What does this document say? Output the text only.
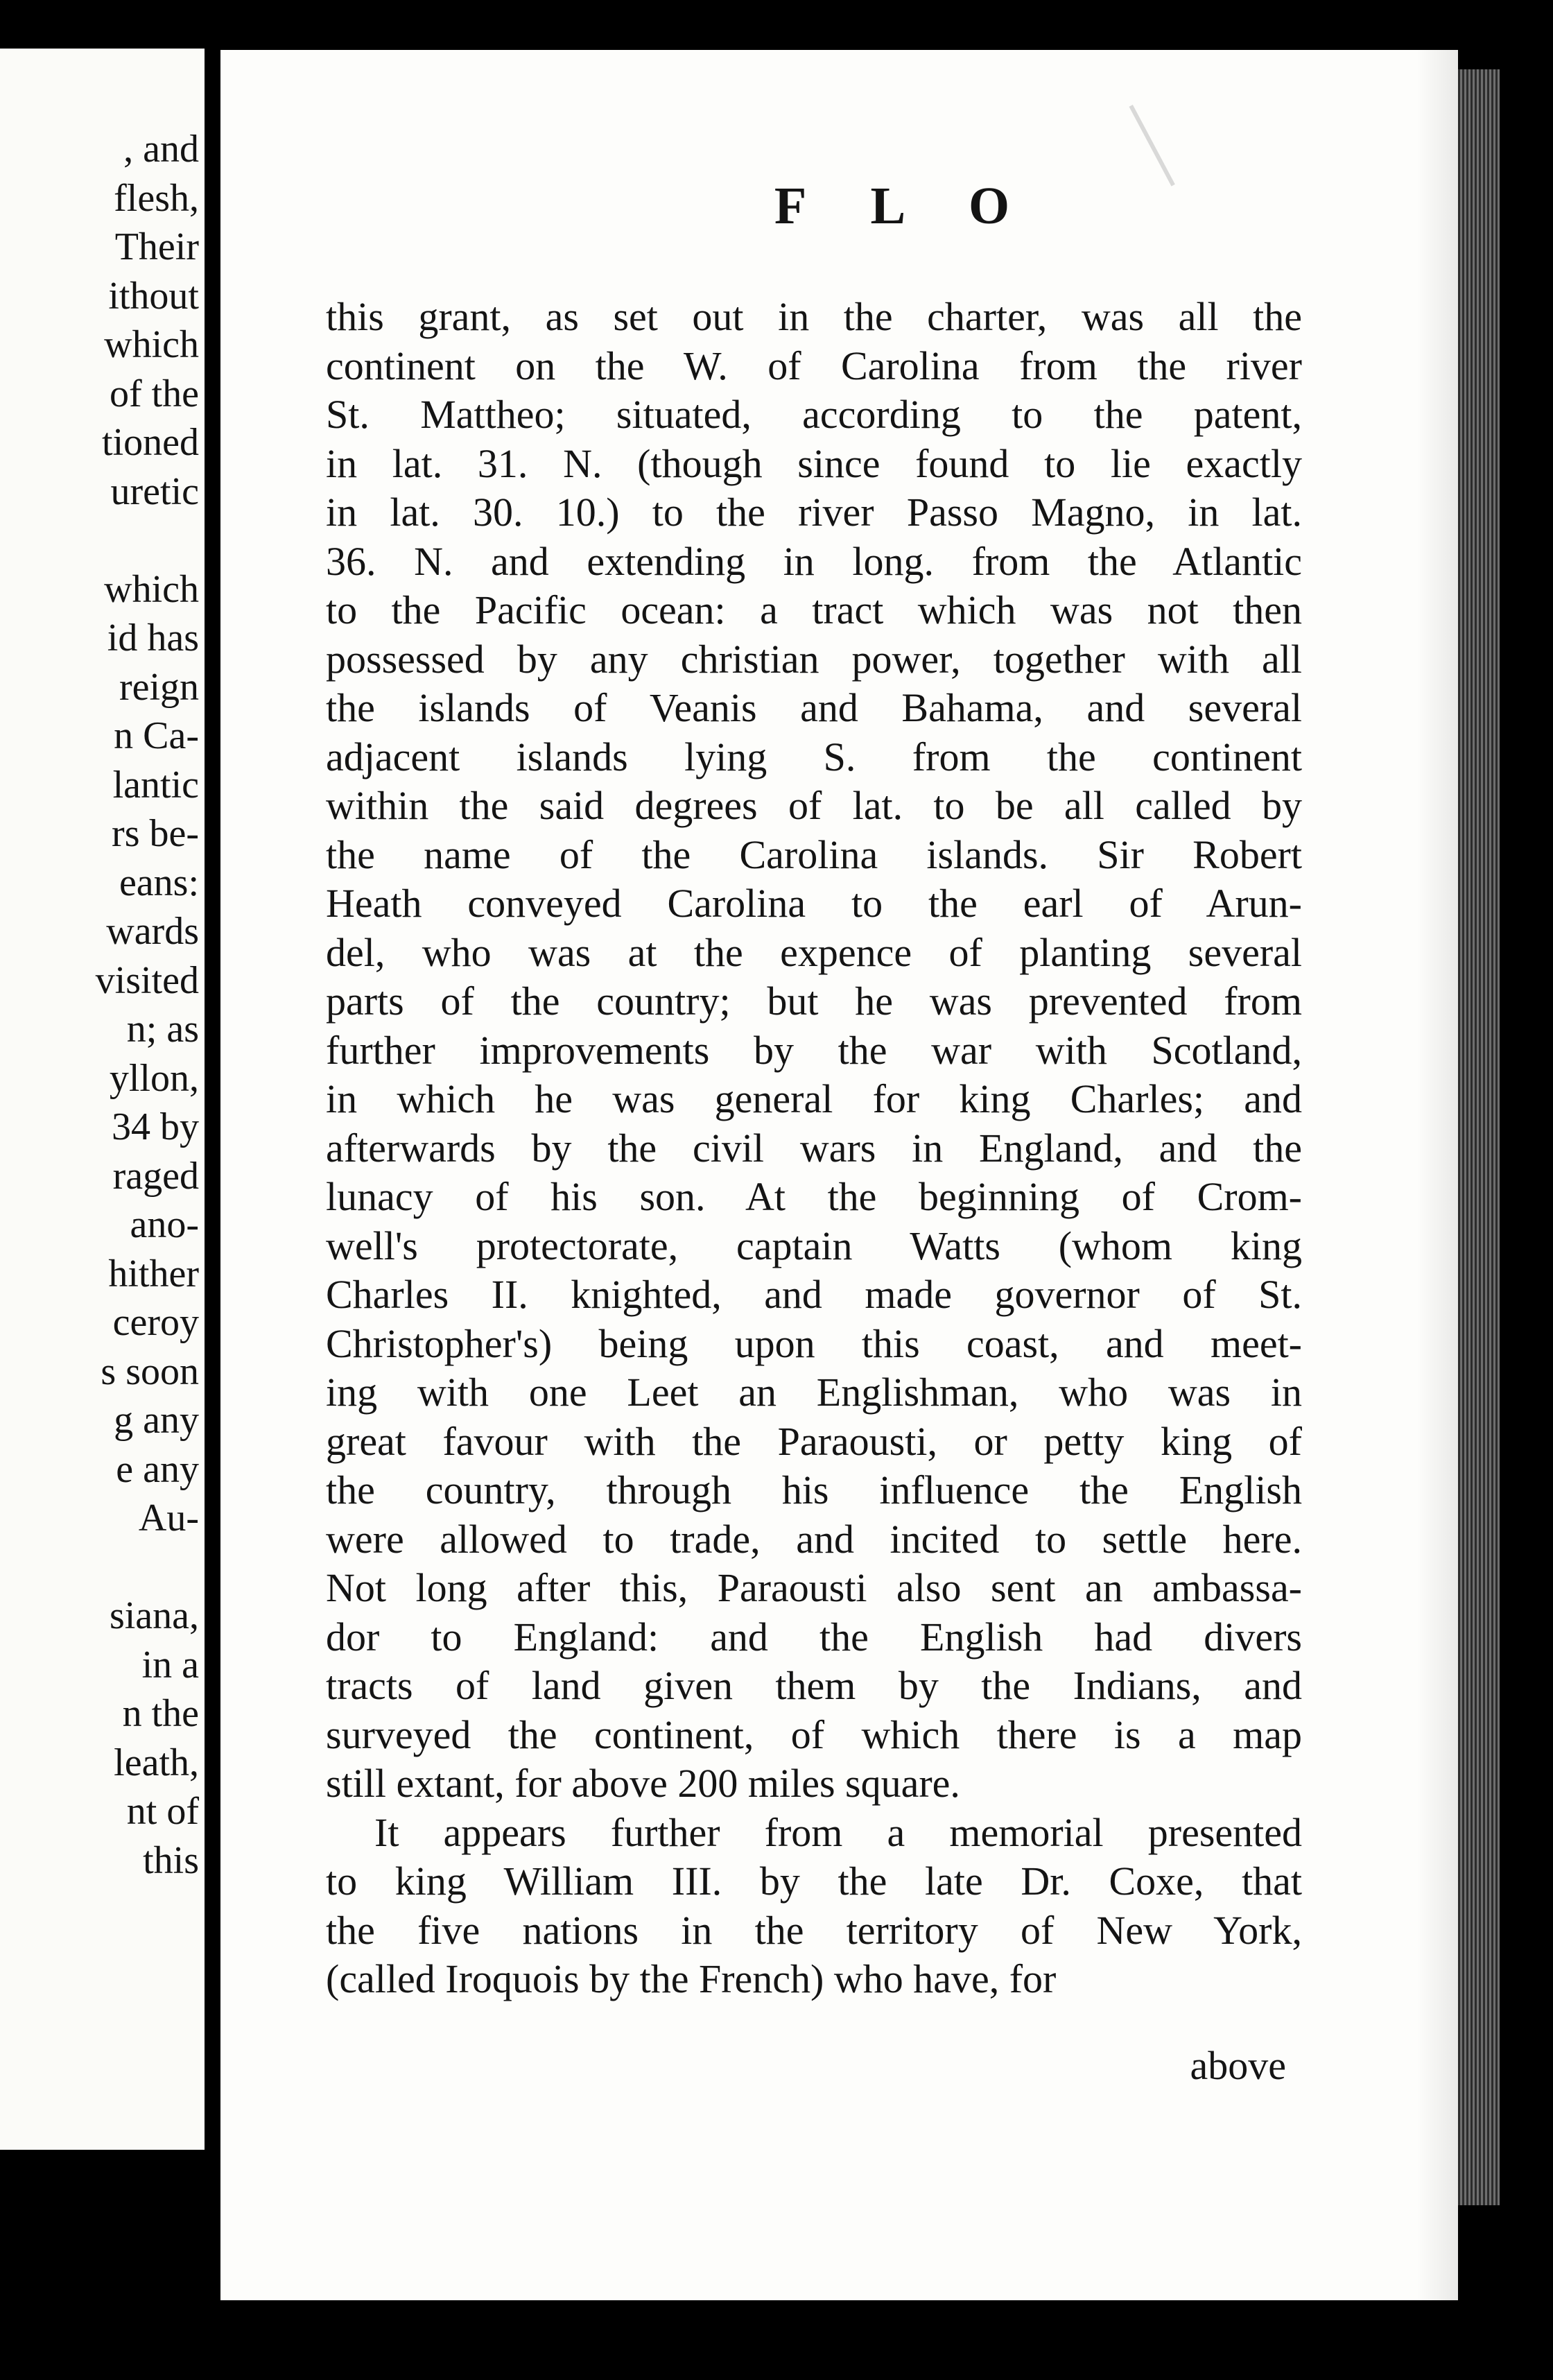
, and
flesh,
Their
ithout
which
of the
tioned
uretic
which
id has
reign
n Ca-
lantic
rs be-
eans:
wards
visited
n; as
yllon,
34 by
raged
ano-
hither
ceroy
s soon
g any
e any
Au-
siana,
in a
n the
leath,
nt of
this
F L O
this grant, as set out in the charter, was all the
continent on the W. of Carolina from the river
St. Mattheo; situated, according to the patent,
in lat. 31. N. (though since found to lie exactly
in lat. 30. 10.) to the river Passo Magno, in lat.
36. N. and extending in long. from the Atlantic
to the Pacific ocean: a tract which was not then
possessed by any christian power, together with all
the islands of Veanis and Bahama, and several
adjacent islands lying S. from the continent
within the said degrees of lat. to be all called by
the name of the Carolina islands. Sir Robert
Heath conveyed Carolina to the earl of Arun-
del, who was at the expence of planting several
parts of the country; but he was prevented from
further improvements by the war with Scotland,
in which he was general for king Charles; and
afterwards by the civil wars in England, and the
lunacy of his son. At the beginning of Crom-
well's protectorate, captain Watts (whom king
Charles II. knighted, and made governor of St.
Christopher's) being upon this coast, and meet-
ing with one Leet an Englishman, who was in
great favour with the Paraousti, or petty king of
the country, through his influence the English
were allowed to trade, and incited to settle here.
Not long after this, Paraousti also sent an ambassa-
dor to England: and the English had divers
tracts of land given them by the Indians, and
surveyed the continent, of which there is a map
still extant, for above 200 miles square.
It appears further from a memorial presented
to king William III. by the late Dr. Coxe, that
the five nations in the territory of New York,
(called Iroquois by the French) who have, for
above
